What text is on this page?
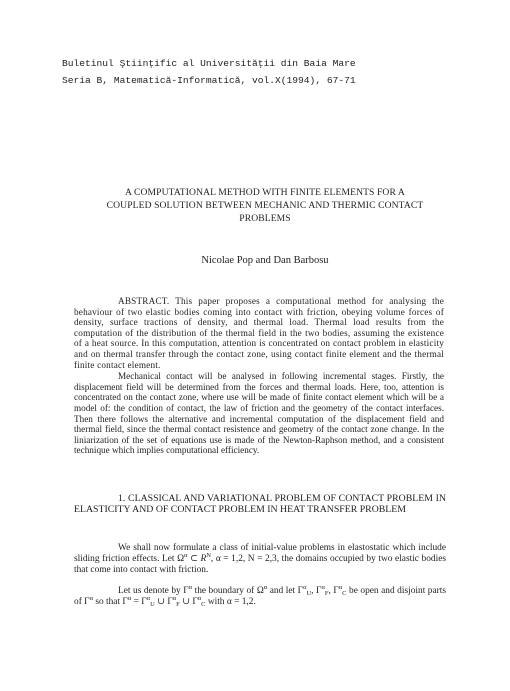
Buletinul Ştiinţific al Universităţii din Baia Mare
Seria B, Matematică-Informatică, vol.X(1994), 67-71
A COMPUTATIONAL METHOD WITH FINITE ELEMENTS FOR A
COUPLED SOLUTION BETWEEN MECHANIC AND THERMIC CONTACT
PROBLEMS
Nicolae Pop and Dan Barbosu

ABSTRACT. This paper proposes a computational method for analysing the behaviour of two elastic bodies coming into contact with friction, obeying volume forces of density, surface tractions of density, and thermal load. Thermal load results from the computation of the distribution of the thermal field in the two bodies, assuming the existence of a heat source. In this computation, attention is concentrated on contact problem in elasticity and on thermal transfer through the contact zone, using contact finite element and the thermal finite contact element.

Mechanical contact will be analysed in following incremental stages. Firstly, the displacement field will be determined from the forces and thermal loads. Here, too, attention is concentrated on the contact zone, where use will be made of finite contact element which will be a model of: the condition of contact, the law of friction and the geometry of the contact interfaces. Then there follows the alternative and incremental computation of the displacement field and thermal field, since the thermal contact resistence and geometry of the contact zone change. In the liniarization of the set of equations use is made of the Newton-Raphson method, and a consistent technique which implies computational efficiency.

1. CLASSICAL AND VARIATIONAL PROBLEM OF CONTACT PROBLEM IN ELASTICITY AND OF CONTACT PROBLEM IN HEAT TRANSFER PROBLEM

We shall now formulate a class of initial-value problems in elastostatic which include sliding friction effects. Let $\Omega^\alpha$ ⊂ $R^N$, α = 1,2, N = 2,3, the domains occupied by two elastic bodies that come into contact with friction.

Let us denote by $\Gamma^\alpha$ the boundary of $\Omega^\alpha$ and let $\Gamma^\alpha_U$, $\Gamma^\alpha_F$, $\Gamma^\alpha_C$ be open and disjoint parts of $\Gamma^\alpha$ so that $\Gamma^\alpha = \Gamma^\alpha_U$ ∪ $\Gamma^\alpha_F$ ∪ $\Gamma^\alpha_C$ with α = 1,2.
